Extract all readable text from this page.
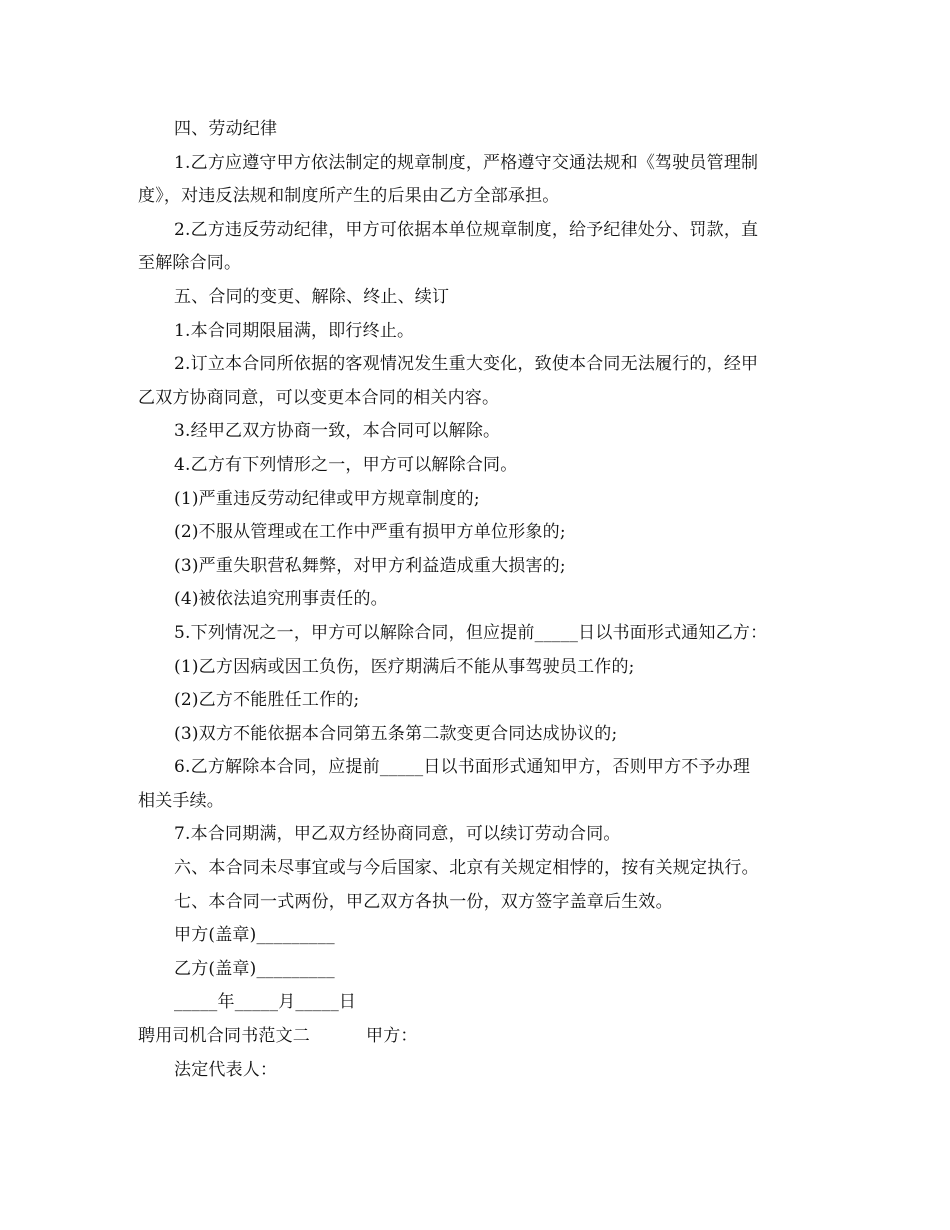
四、劳动纪律
1.乙方应遵守甲方依法制定的规章制度，严格遵守交通法规和《驾驶员管理制
度》，对违反法规和制度所产生的后果由乙方全部承担。
2.乙方违反劳动纪律，甲方可依据本单位规章制度，给予纪律处分、罚款，直
至解除合同。
五、合同的变更、解除、终止、续订
1.本合同期限届满，即行终止。
2.订立本合同所依据的客观情况发生重大变化，致使本合同无法履行的，经甲
乙双方协商同意，可以变更本合同的相关内容。
3.经甲乙双方协商一致，本合同可以解除。
4.乙方有下列情形之一，甲方可以解除合同。
(1)严重违反劳动纪律或甲方规章制度的;
(2)不服从管理或在工作中严重有损甲方单位形象的;
(3)严重失职营私舞弊，对甲方利益造成重大损害的;
(4)被依法追究刑事责任的。
5.下列情况之一，甲方可以解除合同，但应提前_____日以书面形式通知乙方：
(1)乙方因病或因工负伤，医疗期满后不能从事驾驶员工作的;
(2)乙方不能胜任工作的;
(3)双方不能依据本合同第五条第二款变更合同达成协议的;
6.乙方解除本合同，应提前_____日以书面形式通知甲方，否则甲方不予办理
相关手续。
7.本合同期满，甲乙双方经协商同意，可以续订劳动合同。
六、本合同未尽事宜或与今后国家、北京有关规定相悖的，按有关规定执行。
七、本合同一式两份，甲乙双方各执一份，双方签字盖章后生效。
甲方(盖章)_________
乙方(盖章)_________
_____年_____月_____日
聘用司机合同书范文二	甲方：
法定代表人：
